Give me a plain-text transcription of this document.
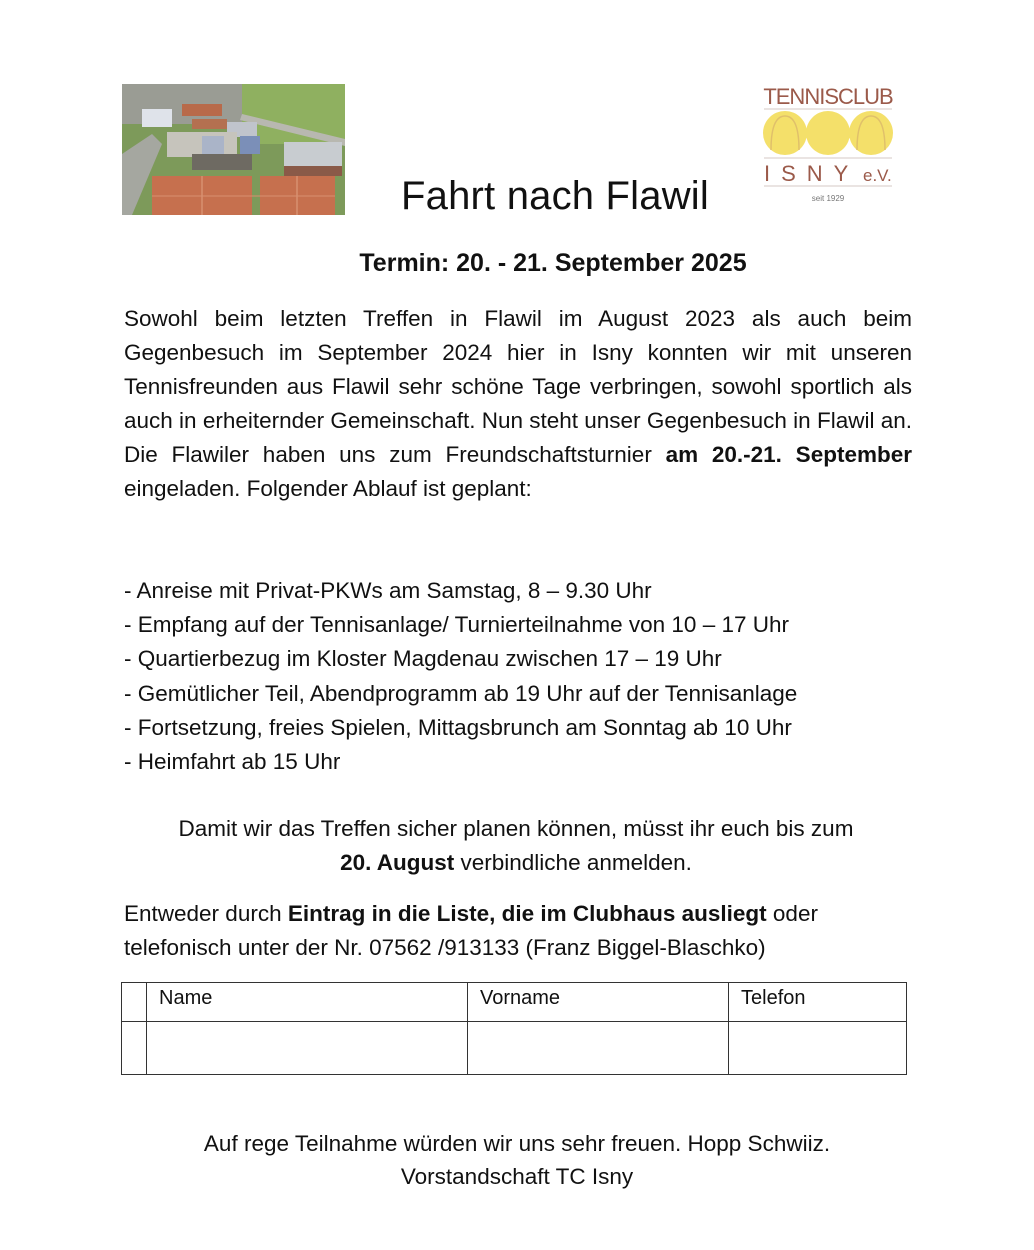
TENNISCLUB
ISNY e.V.
seit 1929
Fahrt nach Flawil
Termin: 20. - 21. September 2025

Sowohl beim letzten Treffen in Flawil im August 2023 als auch beim Gegenbesuch im September 2024 hier in Isny konnten wir mit unseren Tennisfreunden aus Flawil sehr schöne Tage verbringen, sowohl sportlich als auch in erheiternder Gemeinschaft. Nun steht unser Gegenbesuch in Flawil an. Die Flawiler haben uns zum Freundschaftsturnier am 20.-21. September eingeladen. Folgender Ablauf ist geplant:

- Anreise mit Privat-PKWs am Samstag, 8 – 9.30 Uhr
- Empfang auf der Tennisanlage/ Turnierteilnahme von 10 – 17 Uhr
- Quartierbezug im Kloster Magdenau zwischen 17 – 19 Uhr
- Gemütlicher Teil, Abendprogramm ab 19 Uhr auf der Tennisanlage
- Fortsetzung, freies Spielen, Mittagsbrunch am Sonntag ab 10 Uhr
- Heimfahrt ab 15 Uhr
Damit wir das Treffen sicher planen können, müsst ihr euch bis zum
20. August verbindliche anmelden.
Entweder durch Eintrag in die Liste, die im Clubhaus ausliegt oder
telefonisch unter der Nr. 07562 /913133 (Franz Biggel-Blaschko)
	Name	Vorname	Telefon

Auf rege Teilnahme würden wir uns sehr freuen. Hopp Schwiiz.
Vorstandschaft TC Isny
